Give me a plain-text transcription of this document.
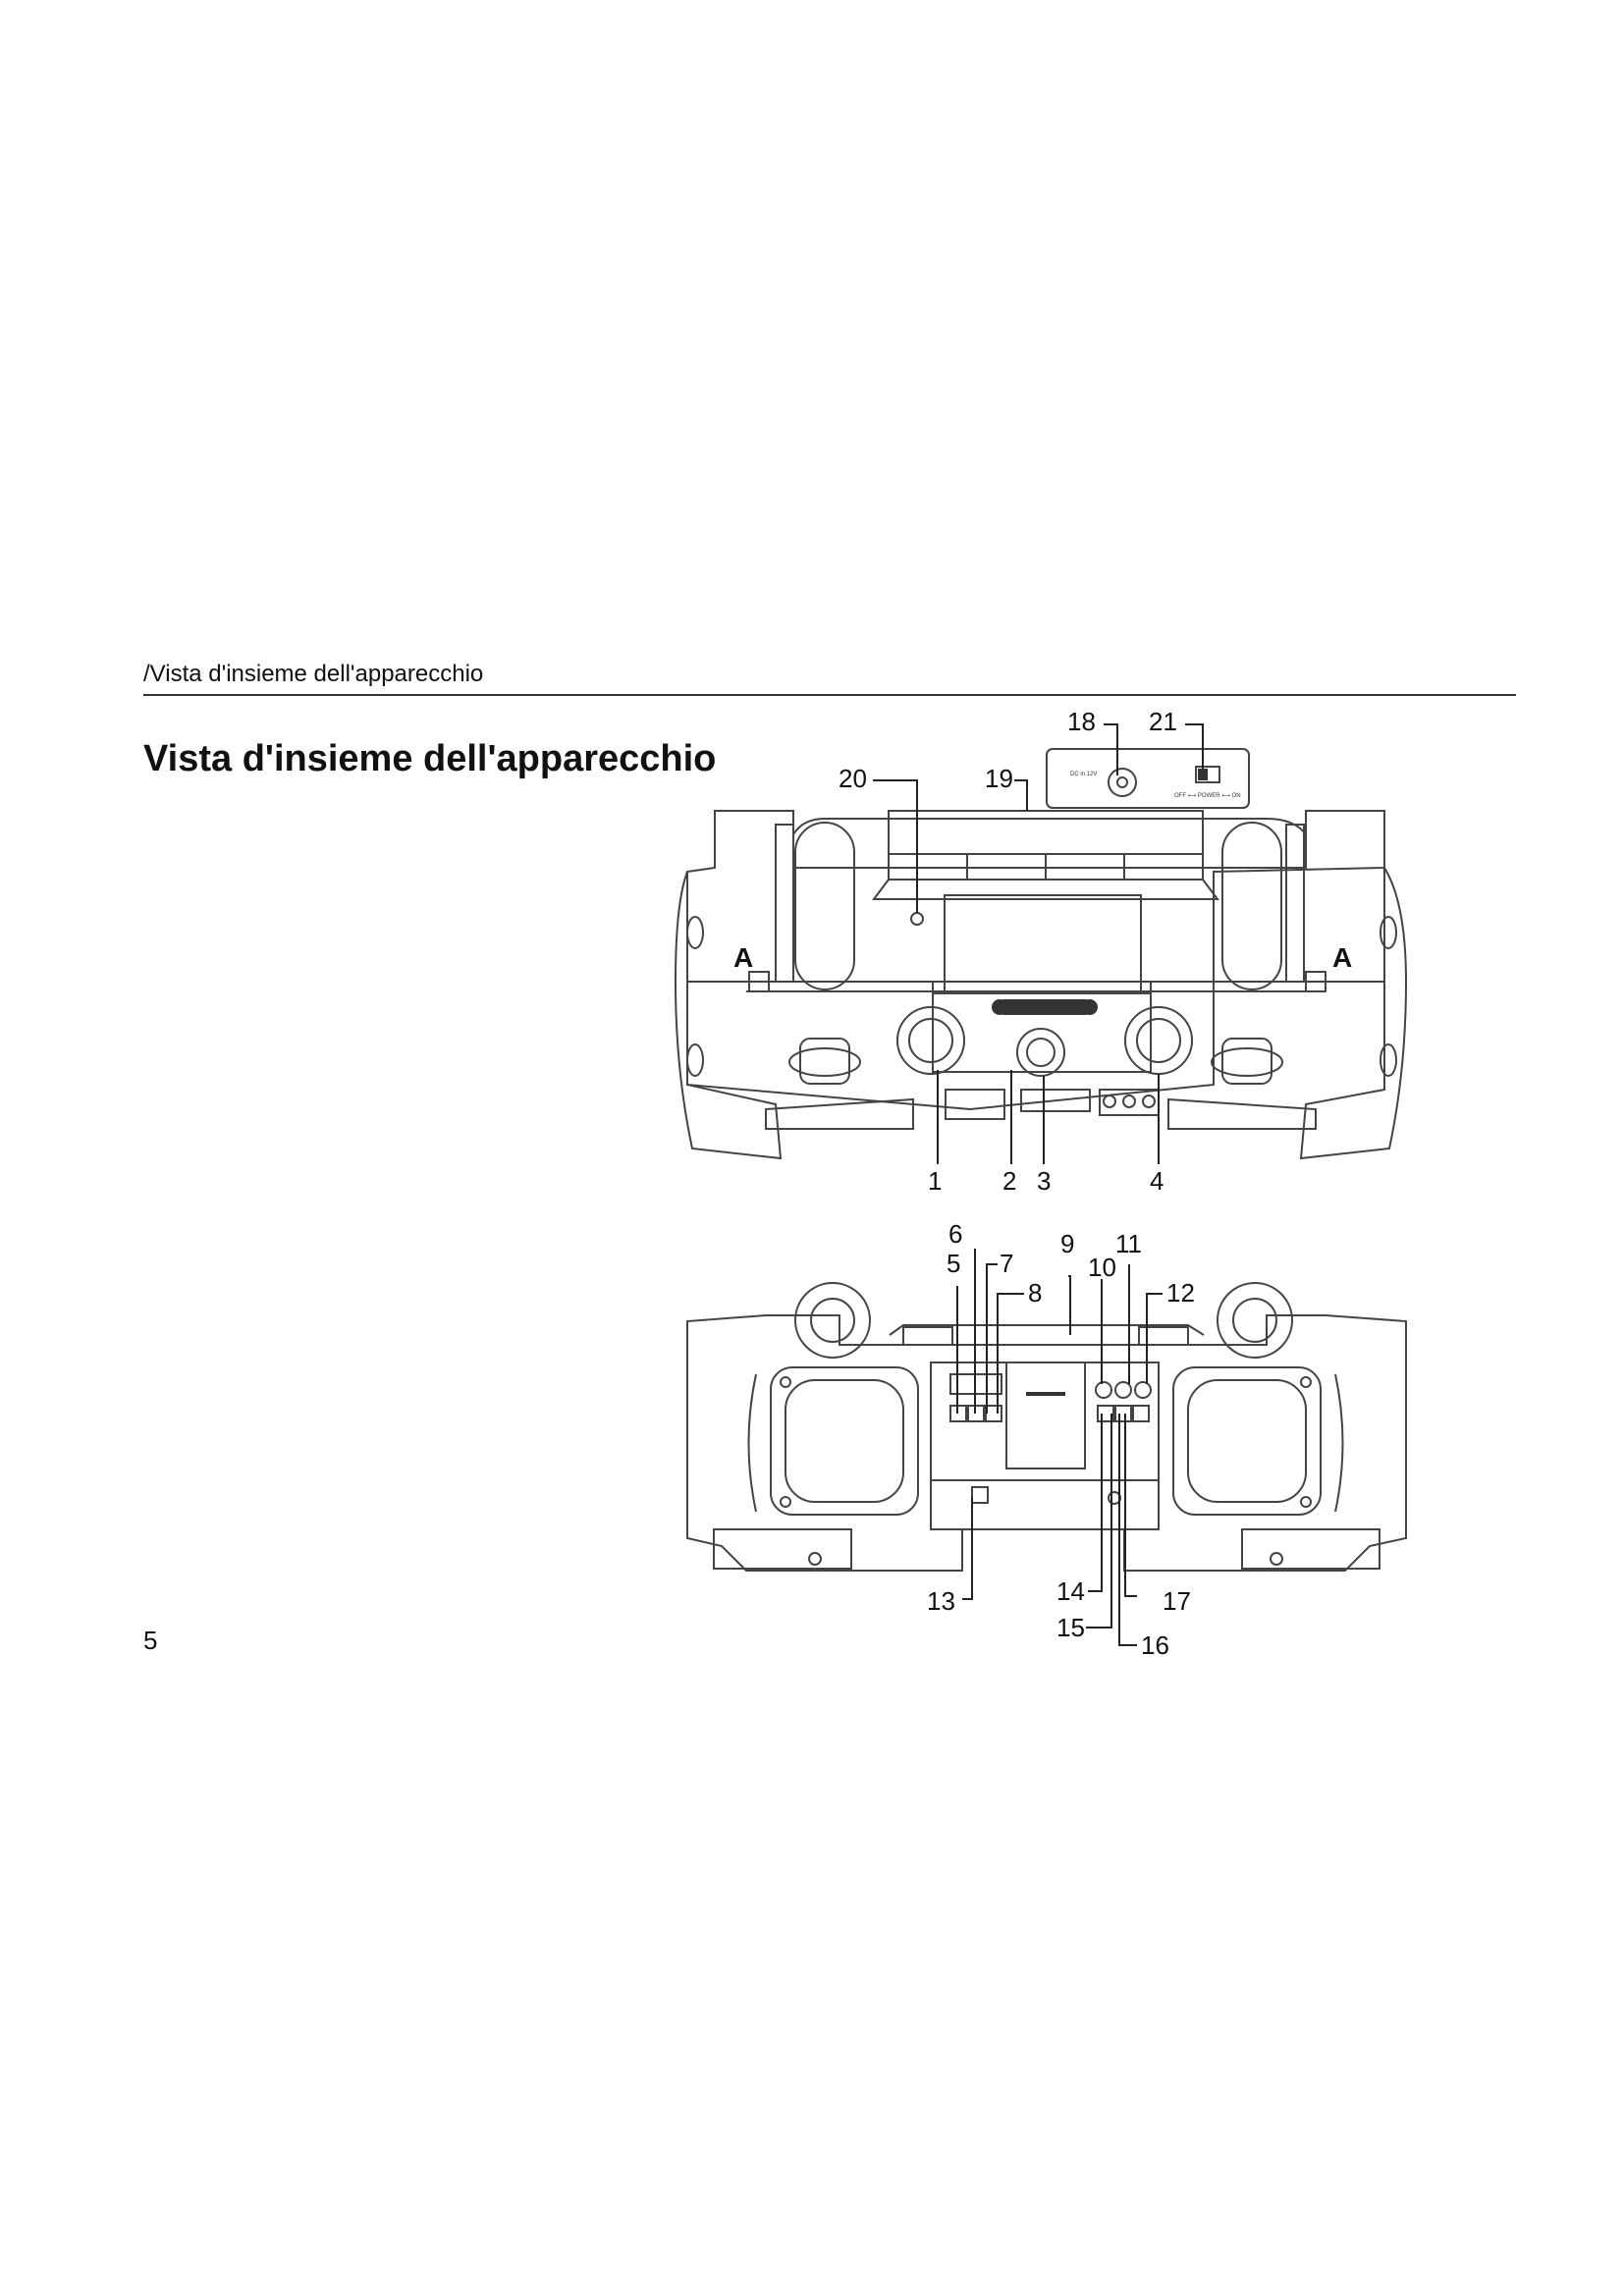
/Vista d'insieme dell'apparecchio
Vista d'insieme dell'apparecchio
5
DC in 12V
OFF ⟷ POWER ⟷ ON
A	A
18 21
19
20
1 2 3	4
6
5 7
8
9
10
11
12
13	14
15
16
17
